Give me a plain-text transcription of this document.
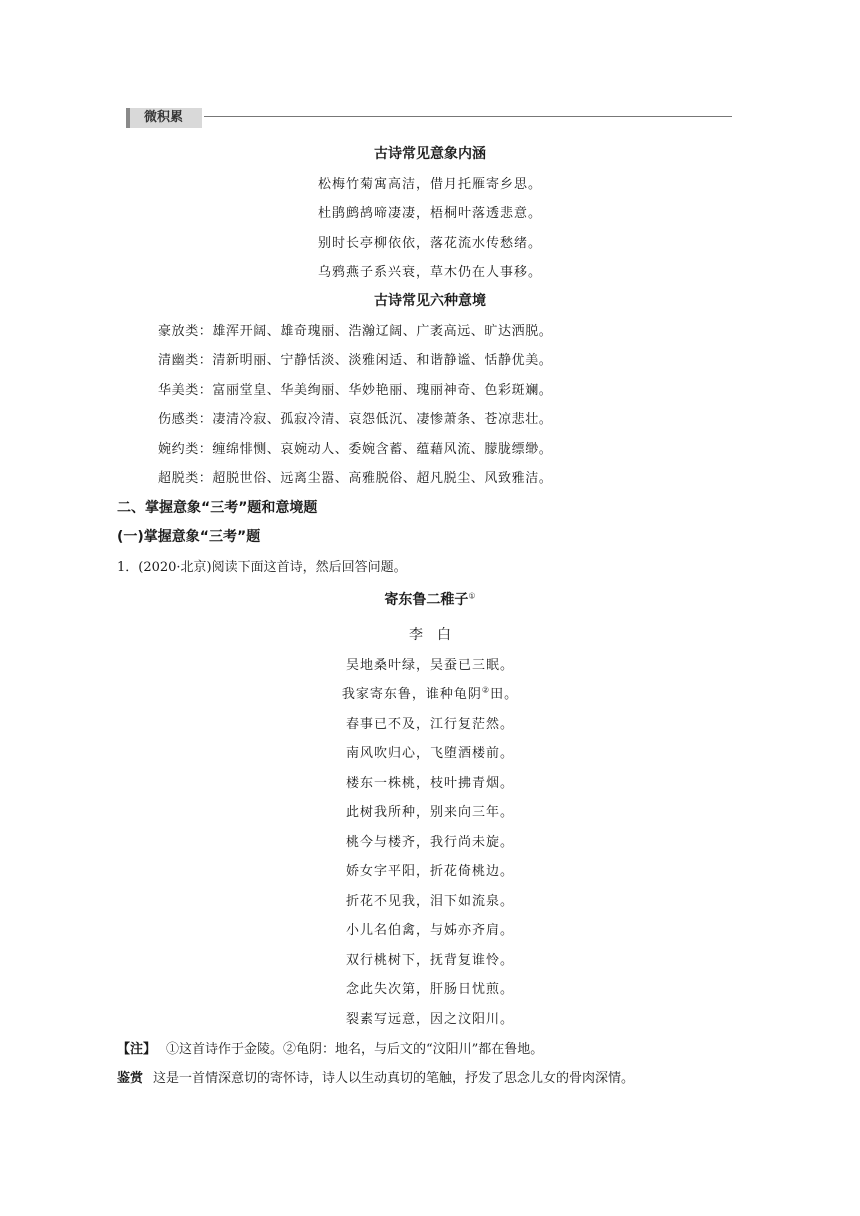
微积累
古诗常见意象内涵
松梅竹菊寓高洁，借月托雁寄乡思。
杜鹃鹧鸪啼凄凄，梧桐叶落透悲意。
别时长亭柳依依，落花流水传愁绪。
乌鸦燕子系兴衰，草木仍在人事移。
古诗常见六种意境
豪放类：雄浑开阔、雄奇瑰丽、浩瀚辽阔、广袤高远、旷达洒脱。
清幽类：清新明丽、宁静恬淡、淡雅闲适、和谐静谧、恬静优美。
华美类：富丽堂皇、华美绚丽、华妙艳丽、瑰丽神奇、色彩斑斓。
伤感类：凄清冷寂、孤寂冷清、哀怨低沉、凄惨萧条、苍凉悲壮。
婉约类：缠绵悱恻、哀婉动人、委婉含蓄、蕴藉风流、朦胧缥缈。
超脱类：超脱世俗、远离尘嚣、高雅脱俗、超凡脱尘、风致雅洁。
二、掌握意象“三考”题和意境题
(一)掌握意象“三考”题
1．(2020·北京)阅读下面这首诗，然后回答问题。
寄东鲁二稚子①
李　白
吴地桑叶绿，吴蚕已三眠。
我家寄东鲁，谁种龟阴②田。
春事已不及，江行复茫然。
南风吹归心，飞堕酒楼前。
楼东一株桃，枝叶拂青烟。
此树我所种，别来向三年。
桃今与楼齐，我行尚未旋。
娇女字平阳，折花倚桃边。
折花不见我，泪下如流泉。
小儿名伯禽，与姊亦齐肩。
双行桃树下，抚背复谁怜。
念此失次第，肝肠日忧煎。
裂素写远意，因之汶阳川。
【注】 ①这首诗作于金陵。②龟阴：地名，与后文的“汶阳川”都在鲁地。
鉴赏 这是一首情深意切的寄怀诗，诗人以生动真切的笔触，抒发了思念儿女的骨肉深情。
